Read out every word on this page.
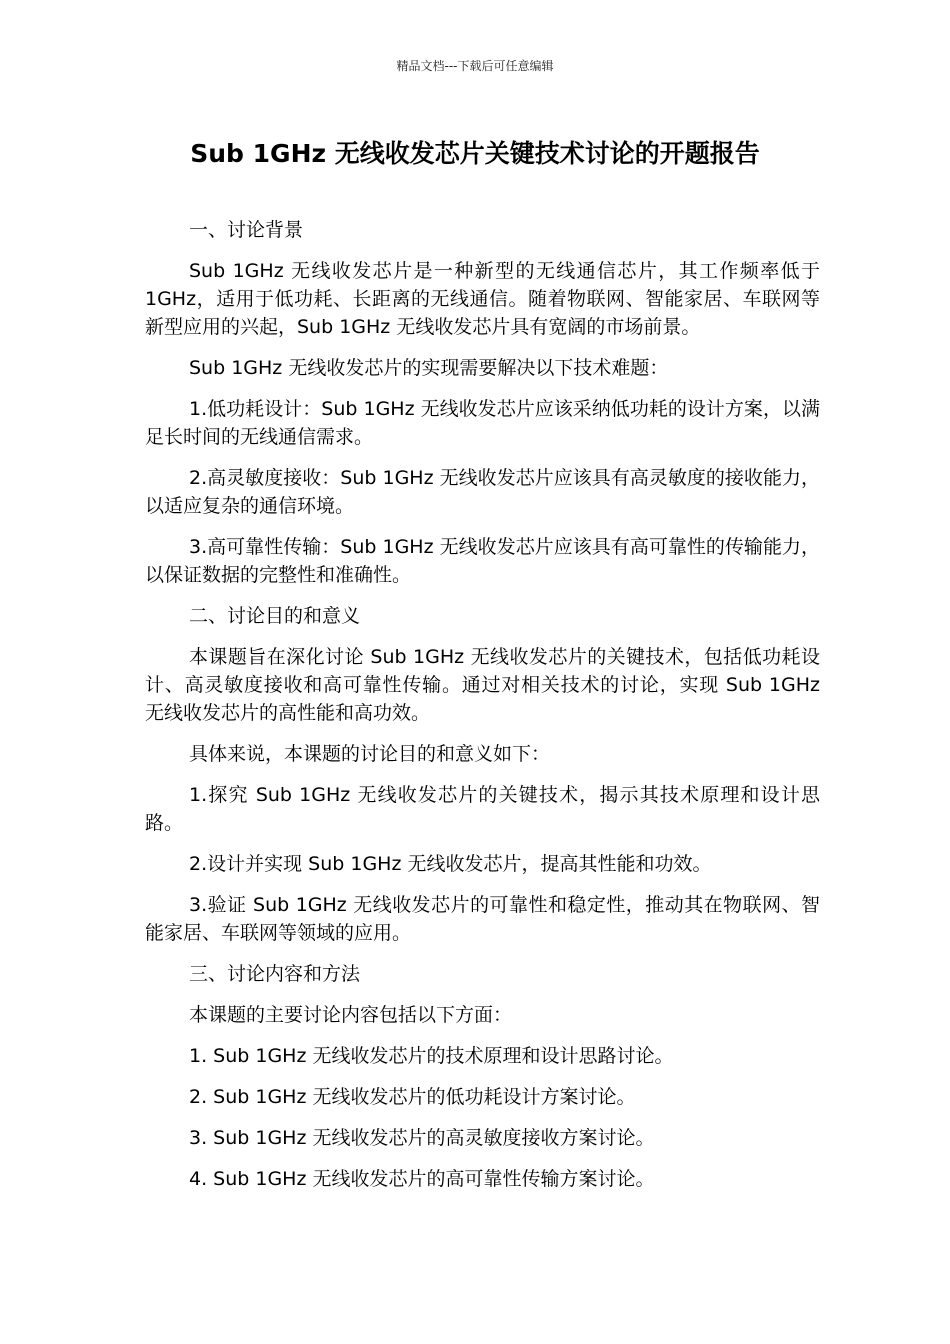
精品文档---下载后可任意编辑
Sub 1GHz 无线收发芯片关键技术讨论的开题报告

一、讨论背景

Sub 1GHz 无线收发芯片是一种新型的无线通信芯片，其工作频率低于 1GHz，适用于低功耗、长距离的无线通信。随着物联网、智能家居、车联网等新型应用的兴起，Sub 1GHz 无线收发芯片具有宽阔的市场前景。

Sub 1GHz 无线收发芯片的实现需要解决以下技术难题：

1.低功耗设计：Sub 1GHz 无线收发芯片应该采纳低功耗的设计方案，以满足长时间的无线通信需求。

2.高灵敏度接收：Sub 1GHz 无线收发芯片应该具有高灵敏度的接收能力，以适应复杂的通信环境。

3.高可靠性传输：Sub 1GHz 无线收发芯片应该具有高可靠性的传输能力，以保证数据的完整性和准确性。

二、讨论目的和意义

本课题旨在深化讨论 Sub 1GHz 无线收发芯片的关键技术，包括低功耗设计、高灵敏度接收和高可靠性传输。通过对相关技术的讨论，实现 Sub 1GHz 无线收发芯片的高性能和高功效。

具体来说，本课题的讨论目的和意义如下：

1.探究 Sub 1GHz 无线收发芯片的关键技术，揭示其技术原理和设计思路。

2.设计并实现 Sub 1GHz 无线收发芯片，提高其性能和功效。

3.验证 Sub 1GHz 无线收发芯片的可靠性和稳定性，推动其在物联网、智能家居、车联网等领域的应用。

三、讨论内容和方法

本课题的主要讨论内容包括以下方面：

1. Sub 1GHz 无线收发芯片的技术原理和设计思路讨论。

2. Sub 1GHz 无线收发芯片的低功耗设计方案讨论。

3. Sub 1GHz 无线收发芯片的高灵敏度接收方案讨论。

4. Sub 1GHz 无线收发芯片的高可靠性传输方案讨论。
